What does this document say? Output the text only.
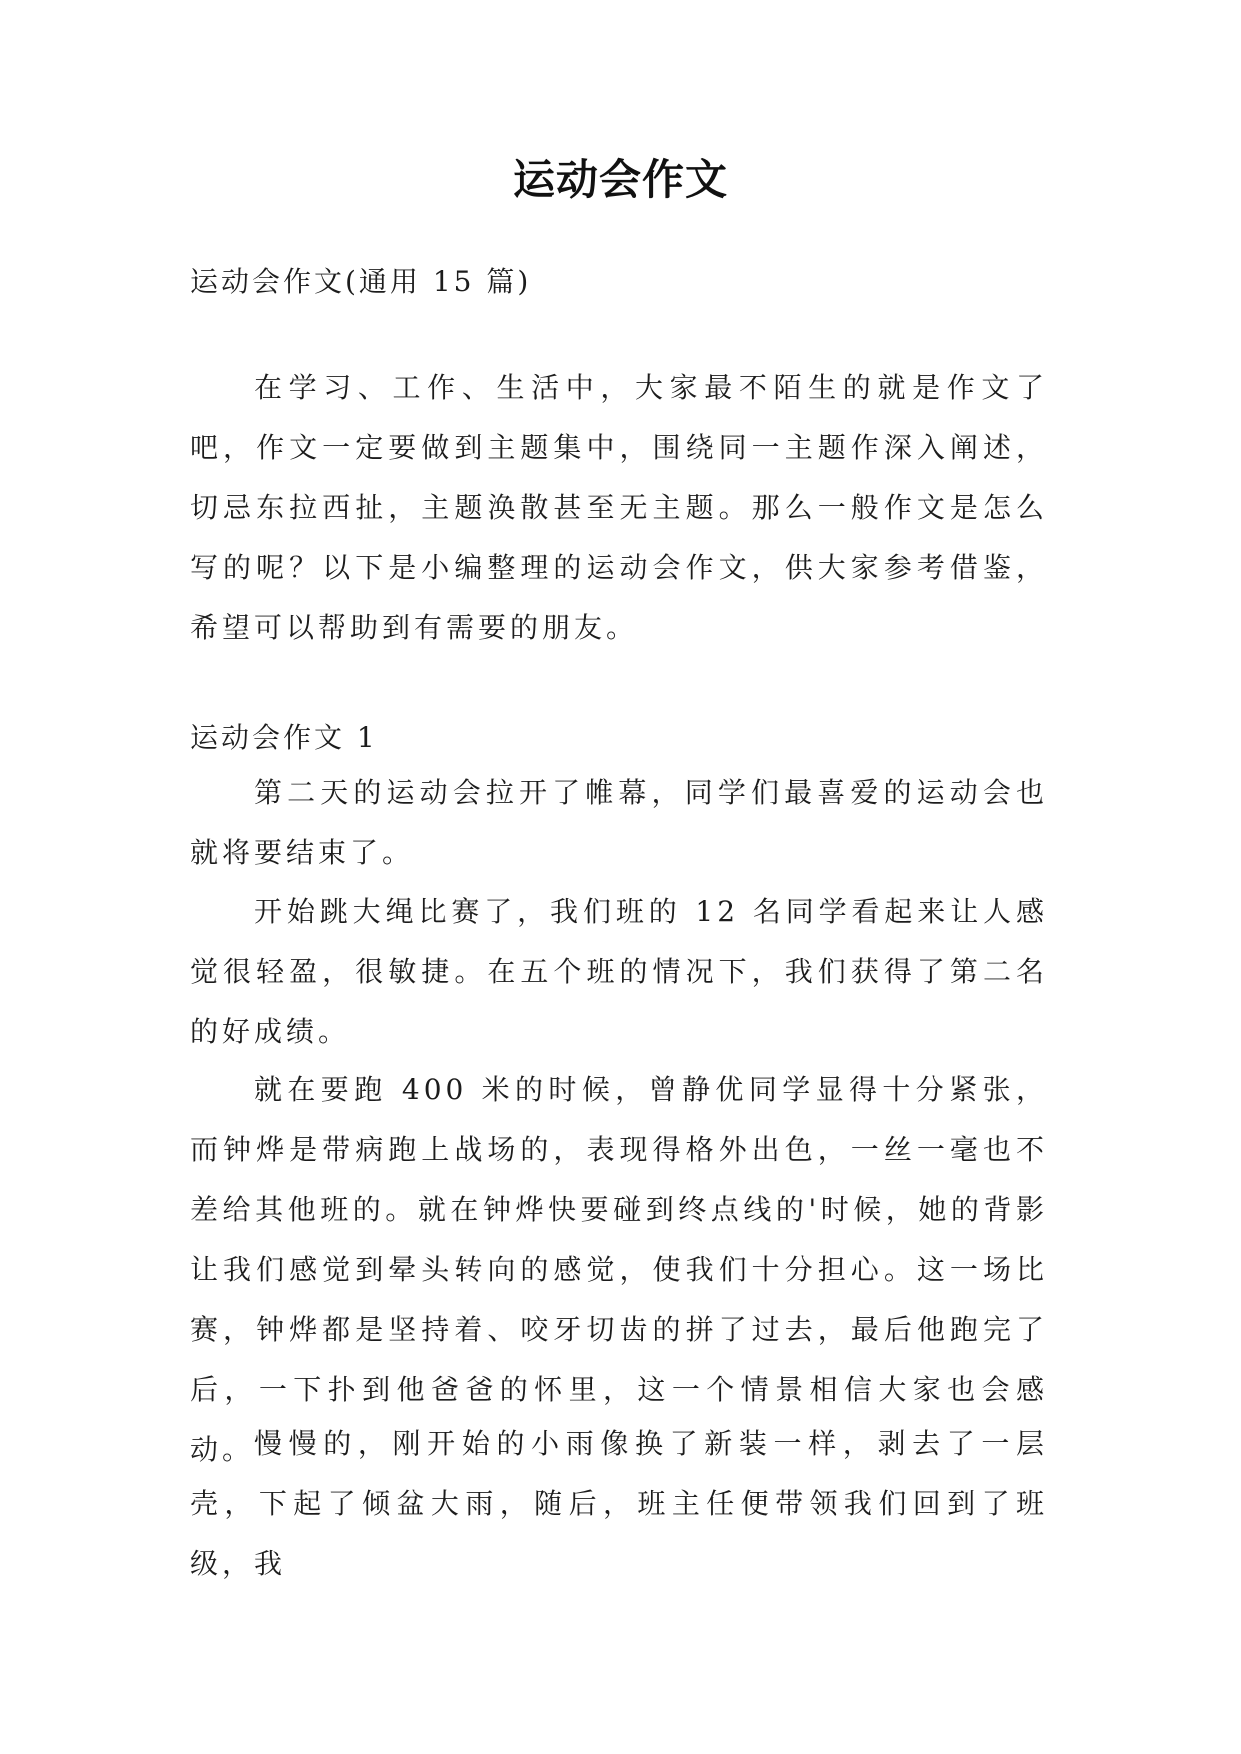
运动会作文

运动会作文(通用 15 篇)

在学习、工作、生活中，大家最不陌生的就是作文了吧，作文一定要做到主题集中，围绕同一主题作深入阐述，切忌东拉西扯，主题涣散甚至无主题。那么一般作文是怎么写的呢？以下是小编整理的运动会作文，供大家参考借鉴，希望可以帮助到有需要的朋友。

运动会作文 1

第二天的运动会拉开了帷幕，同学们最喜爱的运动会也就将要结束了。

开始跳大绳比赛了，我们班的 12 名同学看起来让人感觉很轻盈，很敏捷。在五个班的情况下，我们获得了第二名的好成绩。

就在要跑 400 米的时候，曾静优同学显得十分紧张，而钟烨是带病跑上战场的，表现得格外出色，一丝一毫也不差给其他班的。就在钟烨快要碰到终点线的'时候，她的背影让我们感觉到晕头转向的感觉，使我们十分担心。这一场比赛，钟烨都是坚持着、咬牙切齿的拼了过去，最后他跑完了后，一下扑到他爸爸的怀里，这一个情景相信大家也会感动。 慢慢的，刚开始的小雨像换了新装一样，剥去了一层壳，下起了倾盆大雨，随后，班主任便带领我们回到了班级，我
